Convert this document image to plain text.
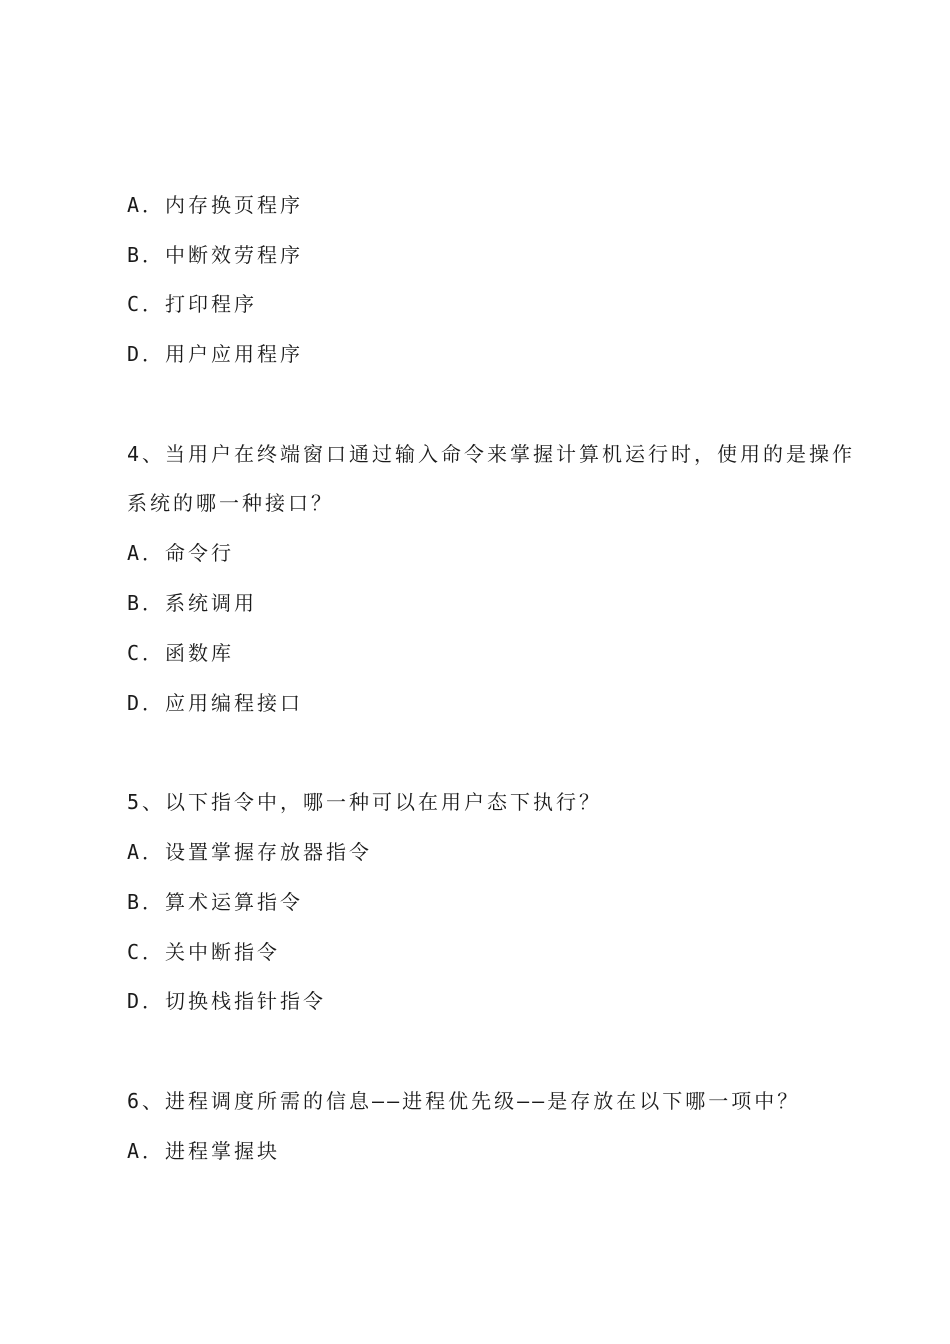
A．内存换页程序
B．中断效劳程序
C．打印程序
D．用户应用程序
4、当用户在终端窗口通过输入命令来掌握计算机运行时，使用的是操作
系统的哪一种接口？
A．命令行
B．系统调用
C．函数库
D．应用编程接口
5、以下指令中，哪一种可以在用户态下执行？
A．设置掌握存放器指令
B．算术运算指令
C．关中断指令
D．切换栈指针指令
6、进程调度所需的信息——进程优先级——是存放在以下哪一项中？
A．进程掌握块
